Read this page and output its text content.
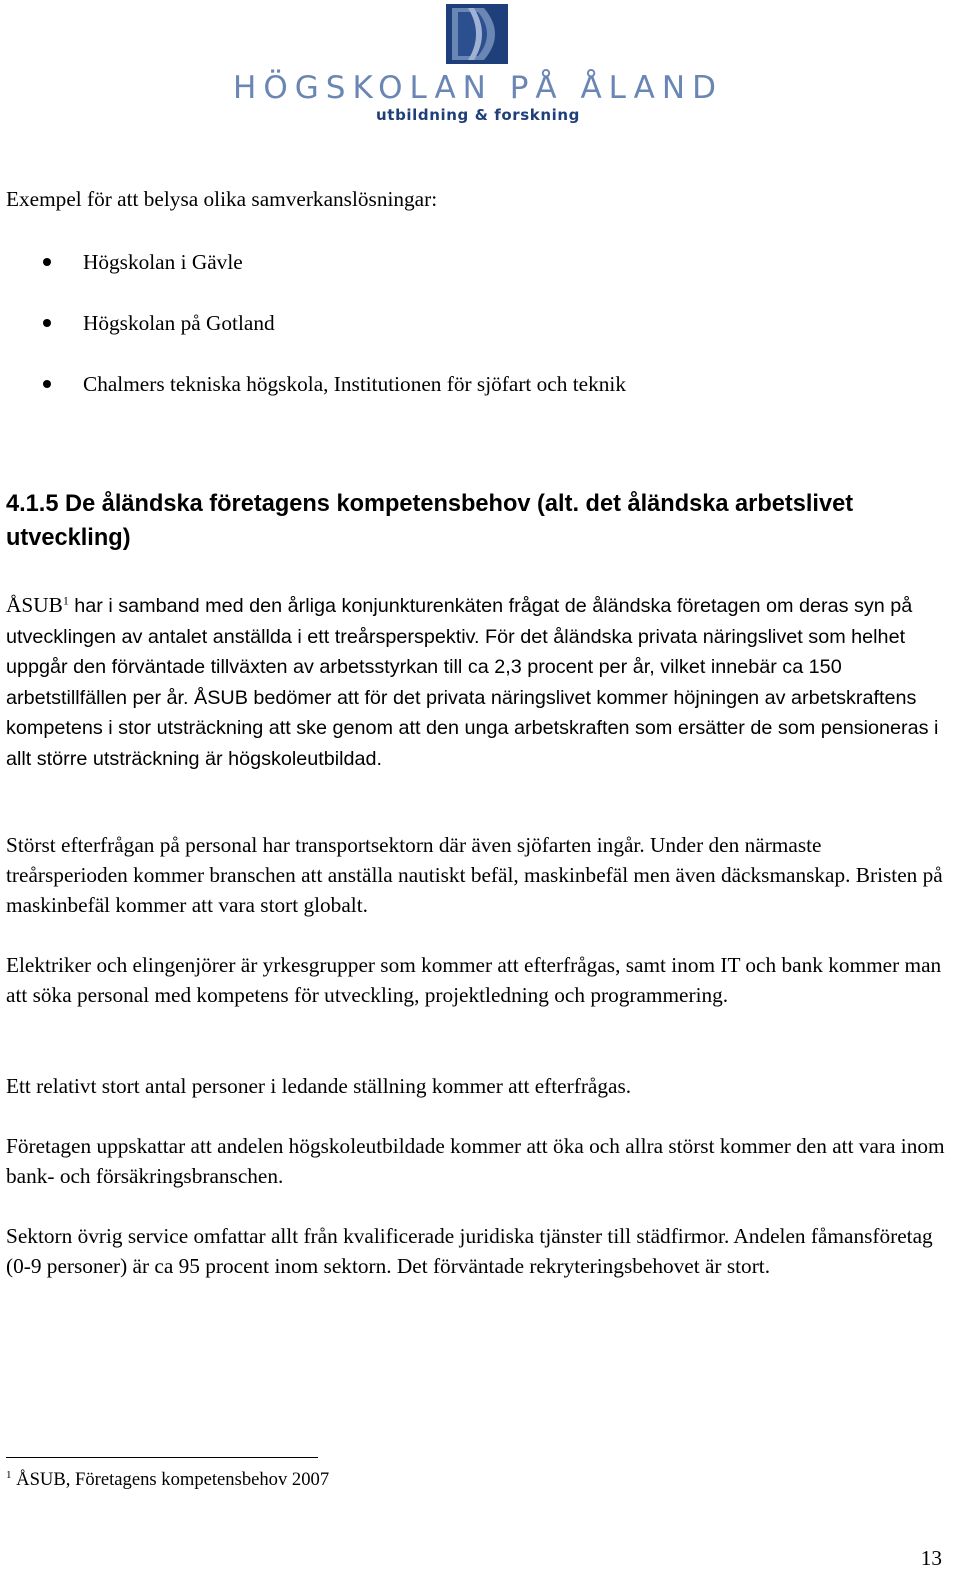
HÖGSKOLAN PÅ ÅLAND
utbildning & forskning

Exempel för att belysa olika samverkanslösningar:

Högskolan i Gävle
Högskolan på Gotland
Chalmers tekniska högskola, Institutionen för sjöfart och teknik
4.1.5 De åländska företagens kompetensbehov (alt. det åländska arbetslivet utveckling)

ÅSUB$^1$ har i samband med den årliga konjunkturenkäten frågat de åländska företagen om deras syn på utvecklingen av antalet anställda i ett treårsperspektiv. För det åländska privata näringslivet som helhet uppgår den förväntade tillväxten av arbetsstyrkan till ca 2,3 procent per år, vilket innebär ca 150 arbetstillfällen per år. ÅSUB bedömer att för det privata näringslivet kommer höjningen av arbetskraftens kompetens i stor utsträckning att ske genom att den unga arbetskraften som ersätter de som pensioneras i allt större utsträckning är högskoleutbildad.

Störst efterfrågan på personal har transportsektorn där även sjöfarten ingår. Under den närmaste treårsperioden kommer branschen att anställa nautiskt befäl, maskinbefäl men även däcksmanskap. Bristen på maskinbefäl kommer att vara stort globalt.

Elektriker och elingenjörer är yrkesgrupper som kommer att efterfrågas, samt inom IT och bank kommer man att söka personal med kompetens för utveckling, projektledning och programmering.

Ett relativt stort antal personer i ledande ställning kommer att efterfrågas.

Företagen uppskattar att andelen högskoleutbildade kommer att öka och allra störst kommer den att vara inom bank- och försäkringsbranschen.

Sektorn övrig service omfattar allt från kvalificerade juridiska tjänster till städfirmor. Andelen fåmansföretag (0-9 personer) är ca 95 procent inom sektorn. Det förväntade rekryteringsbehovet är stort.

$^1$ ÅSUB, Företagens kompetensbehov 2007
13
